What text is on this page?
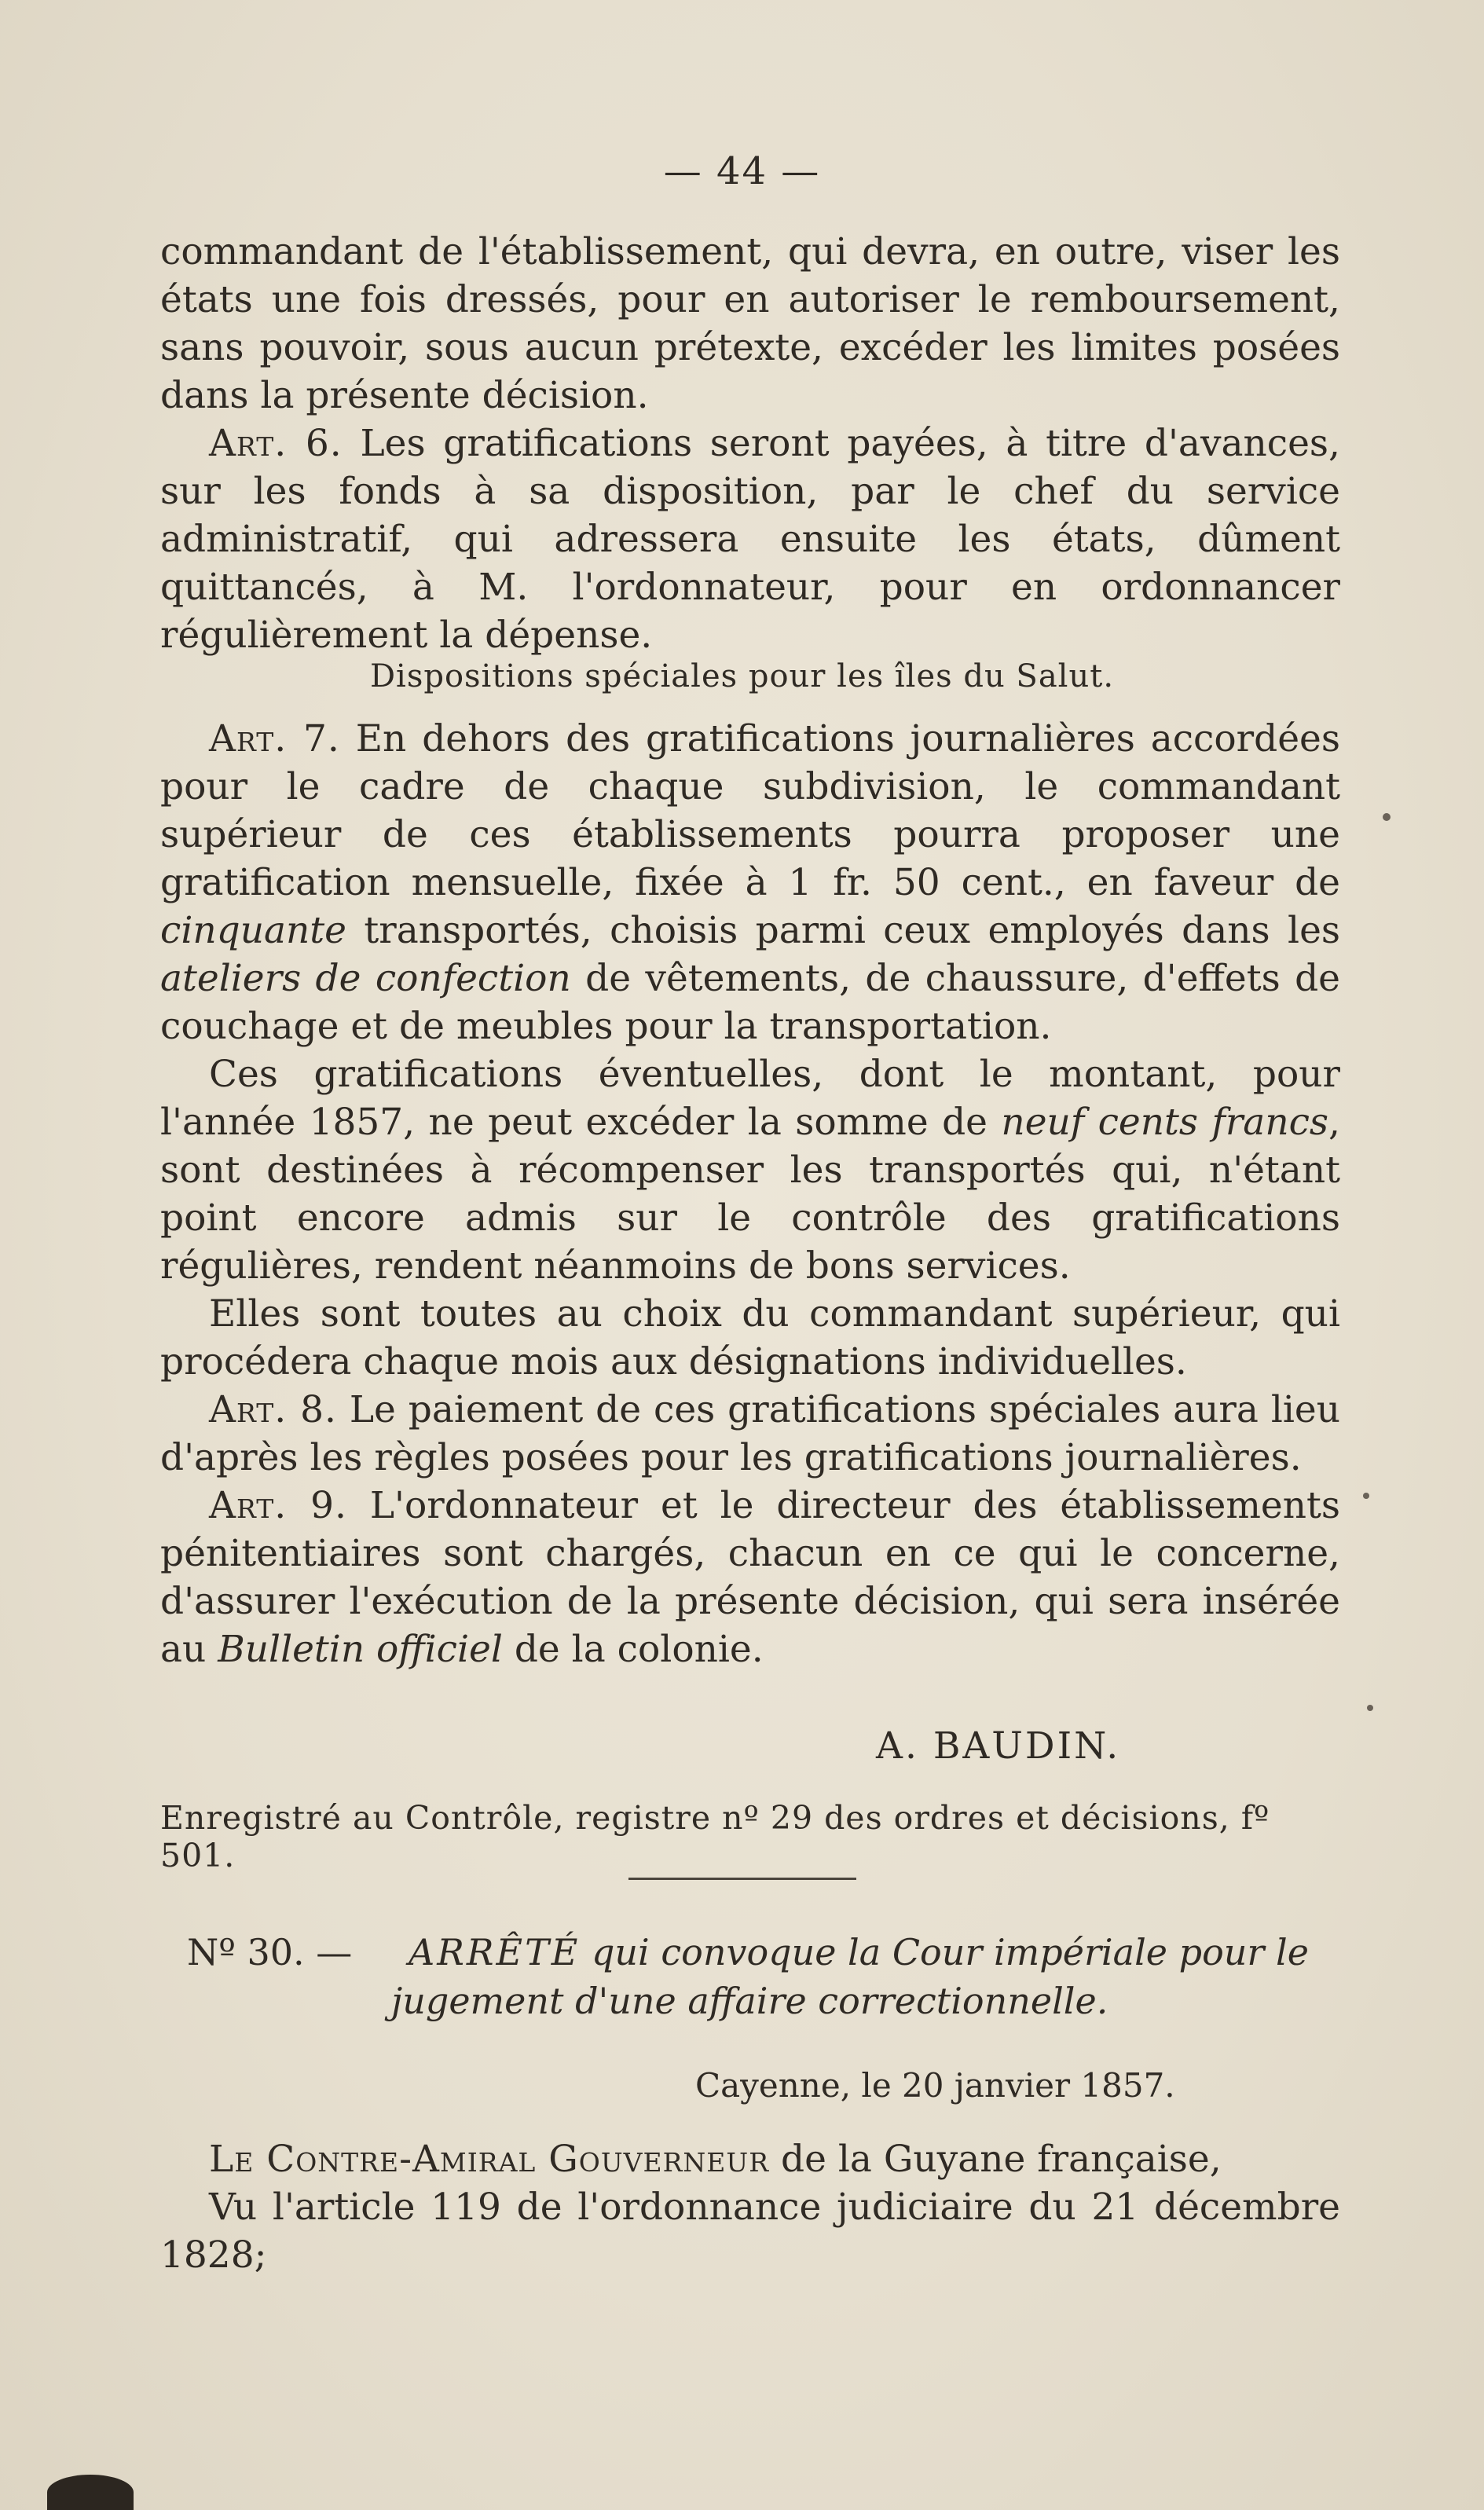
— 44 —

commandant de l'établissement, qui devra, en outre, viser les états une fois dressés, pour en autoriser le remboursement, sans pouvoir, sous aucun prétexte, excéder les limites posées dans la présente décision.

Art. 6. Les gratifications seront payées, à titre d'avances, sur les fonds à sa disposition, par le chef du service administratif, qui adressera ensuite les états, dûment quittancés, à M. l'ordonnateur, pour en ordonnancer régulièrement la dépense.

Dispositions spéciales pour les îles du Salut.

Art. 7. En dehors des gratifications journalières accordées pour le cadre de chaque subdivision, le commandant supérieur de ces établissements pourra proposer une gratification mensuelle, fixée à 1 fr. 50 cent., en faveur de cinquante transportés, choisis parmi ceux employés dans les ateliers de confection de vêtements, de chaussure, d'effets de couchage et de meubles pour la transportation.

Ces gratifications éventuelles, dont le montant, pour l'année 1857, ne peut excéder la somme de neuf cents francs, sont destinées à récompenser les transportés qui, n'étant point encore admis sur le contrôle des gratifications régulières, rendent néanmoins de bons services.

Elles sont toutes au choix du commandant supérieur, qui procédera chaque mois aux désignations individuelles.

Art. 8. Le paiement de ces gratifications spéciales aura lieu d'après les règles posées pour les gratifications journalières.

Art. 9. L'ordonnateur et le directeur des établissements pénitentiaires sont chargés, chacun en ce qui le concerne, d'assurer l'exécution de la présente décision, qui sera insérée au Bulletin officiel de la colonie.

A. BAUDIN.
Enregistré au Contrôle, registre nº 29 des ordres et décisions, fº 501.
Nº 30. — ARRÊTÉ qui convoque la Cour impériale pour le
jugement d'une affaire correctionnelle.
Cayenne, le 20 janvier 1857.

Le Contre-Amiral Gouverneur de la Guyane française,

Vu l'article 119 de l'ordonnance judiciaire du 21 décembre 1828;
